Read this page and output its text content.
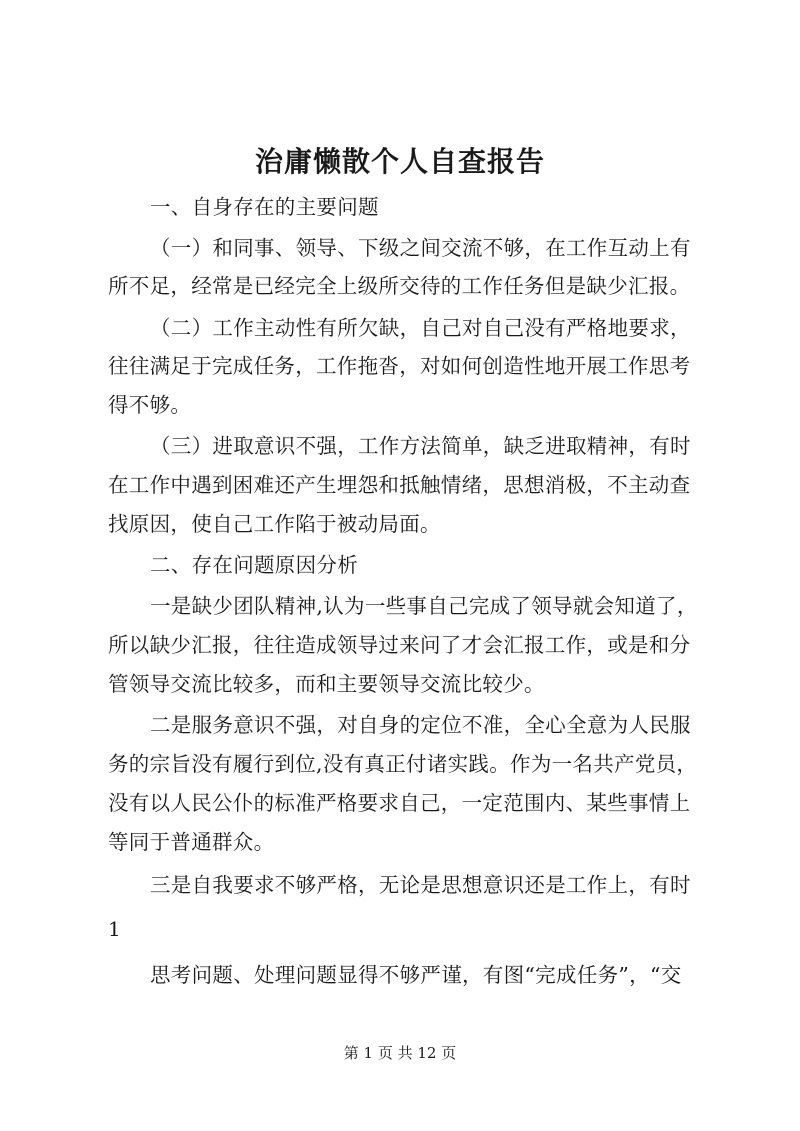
治庸懒散个人自查报告

一、自身存在的主要问题

（一）和同事、领导、下级之间交流不够，在工作互动上有

所不足，经常是已经完全上级所交待的工作任务但是缺少汇报。

（二）工作主动性有所欠缺，自己对自己没有严格地要求，

往往满足于完成任务，工作拖沓，对如何创造性地开展工作思考

得不够。

（三）进取意识不强，工作方法简单，缺乏进取精神，有时

在工作中遇到困难还产生埋怨和抵触情绪，思想消极，不主动查

找原因，使自己工作陷于被动局面。

二、存在问题原因分析

一是缺少团队精神,认为一些事自己完成了领导就会知道了，

所以缺少汇报，往往造成领导过来问了才会汇报工作，或是和分

管领导交流比较多，而和主要领导交流比较少。

二是服务意识不强，对自身的定位不准，全心全意为人民服

务的宗旨没有履行到位,没有真正付诸实践。作为一名共产党员，

没有以人民公仆的标准严格要求自己，一定范围内、某些事情上

等同于普通群众。

三是自我要求不够严格，无论是思想意识还是工作上，有时

1

思考问题、处理问题显得不够严谨，有图“完成任务”，“交

第 1 页 共 12 页
